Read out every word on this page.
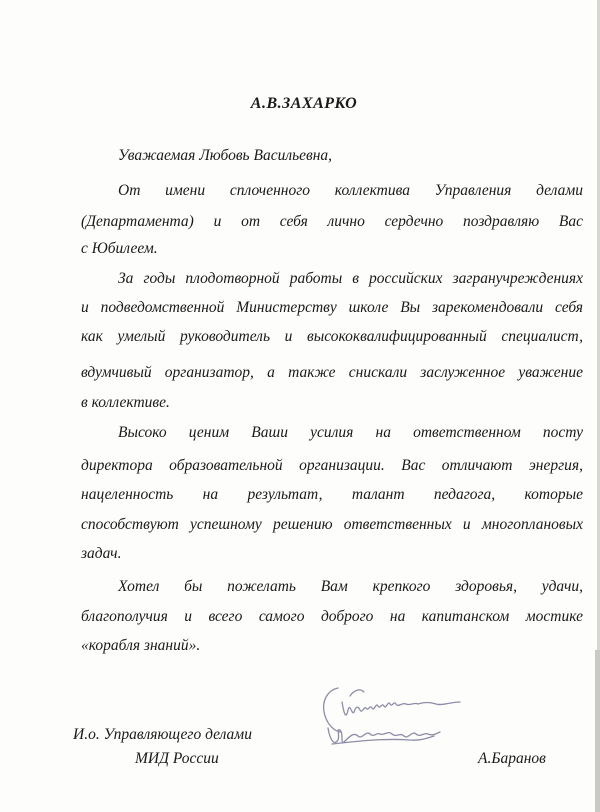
А.В.ЗАХАРКО

Уважаемая Любовь Васильевна,

От имени сплоченного коллектива Управления делами
(Департамента) и от себя лично сердечно поздравляю Вас
с Юбилеем.
За годы плодотворной работы в российских загранучреждениях
и подведомственной Министерству школе Вы зарекомендовали себя
как умелый руководитель и высококвалифицированный специалист,
вдумчивый организатор, а также снискали заслуженное уважение
в коллективе.
Высоко ценим Ваши усилия на ответственном посту
директора образовательной организации. Вас отличают энергия,
нацеленность на результат, талант педагога, которые
способствуют успешному решению ответственных и многоплановых
задач.
Хотел бы пожелать Вам крепкого здоровья, удачи,
благополучия и всего самого доброго на капитанском мостике
«корабля знаний».

И.о. Управляющего делами

МИД России	А.Баранов
